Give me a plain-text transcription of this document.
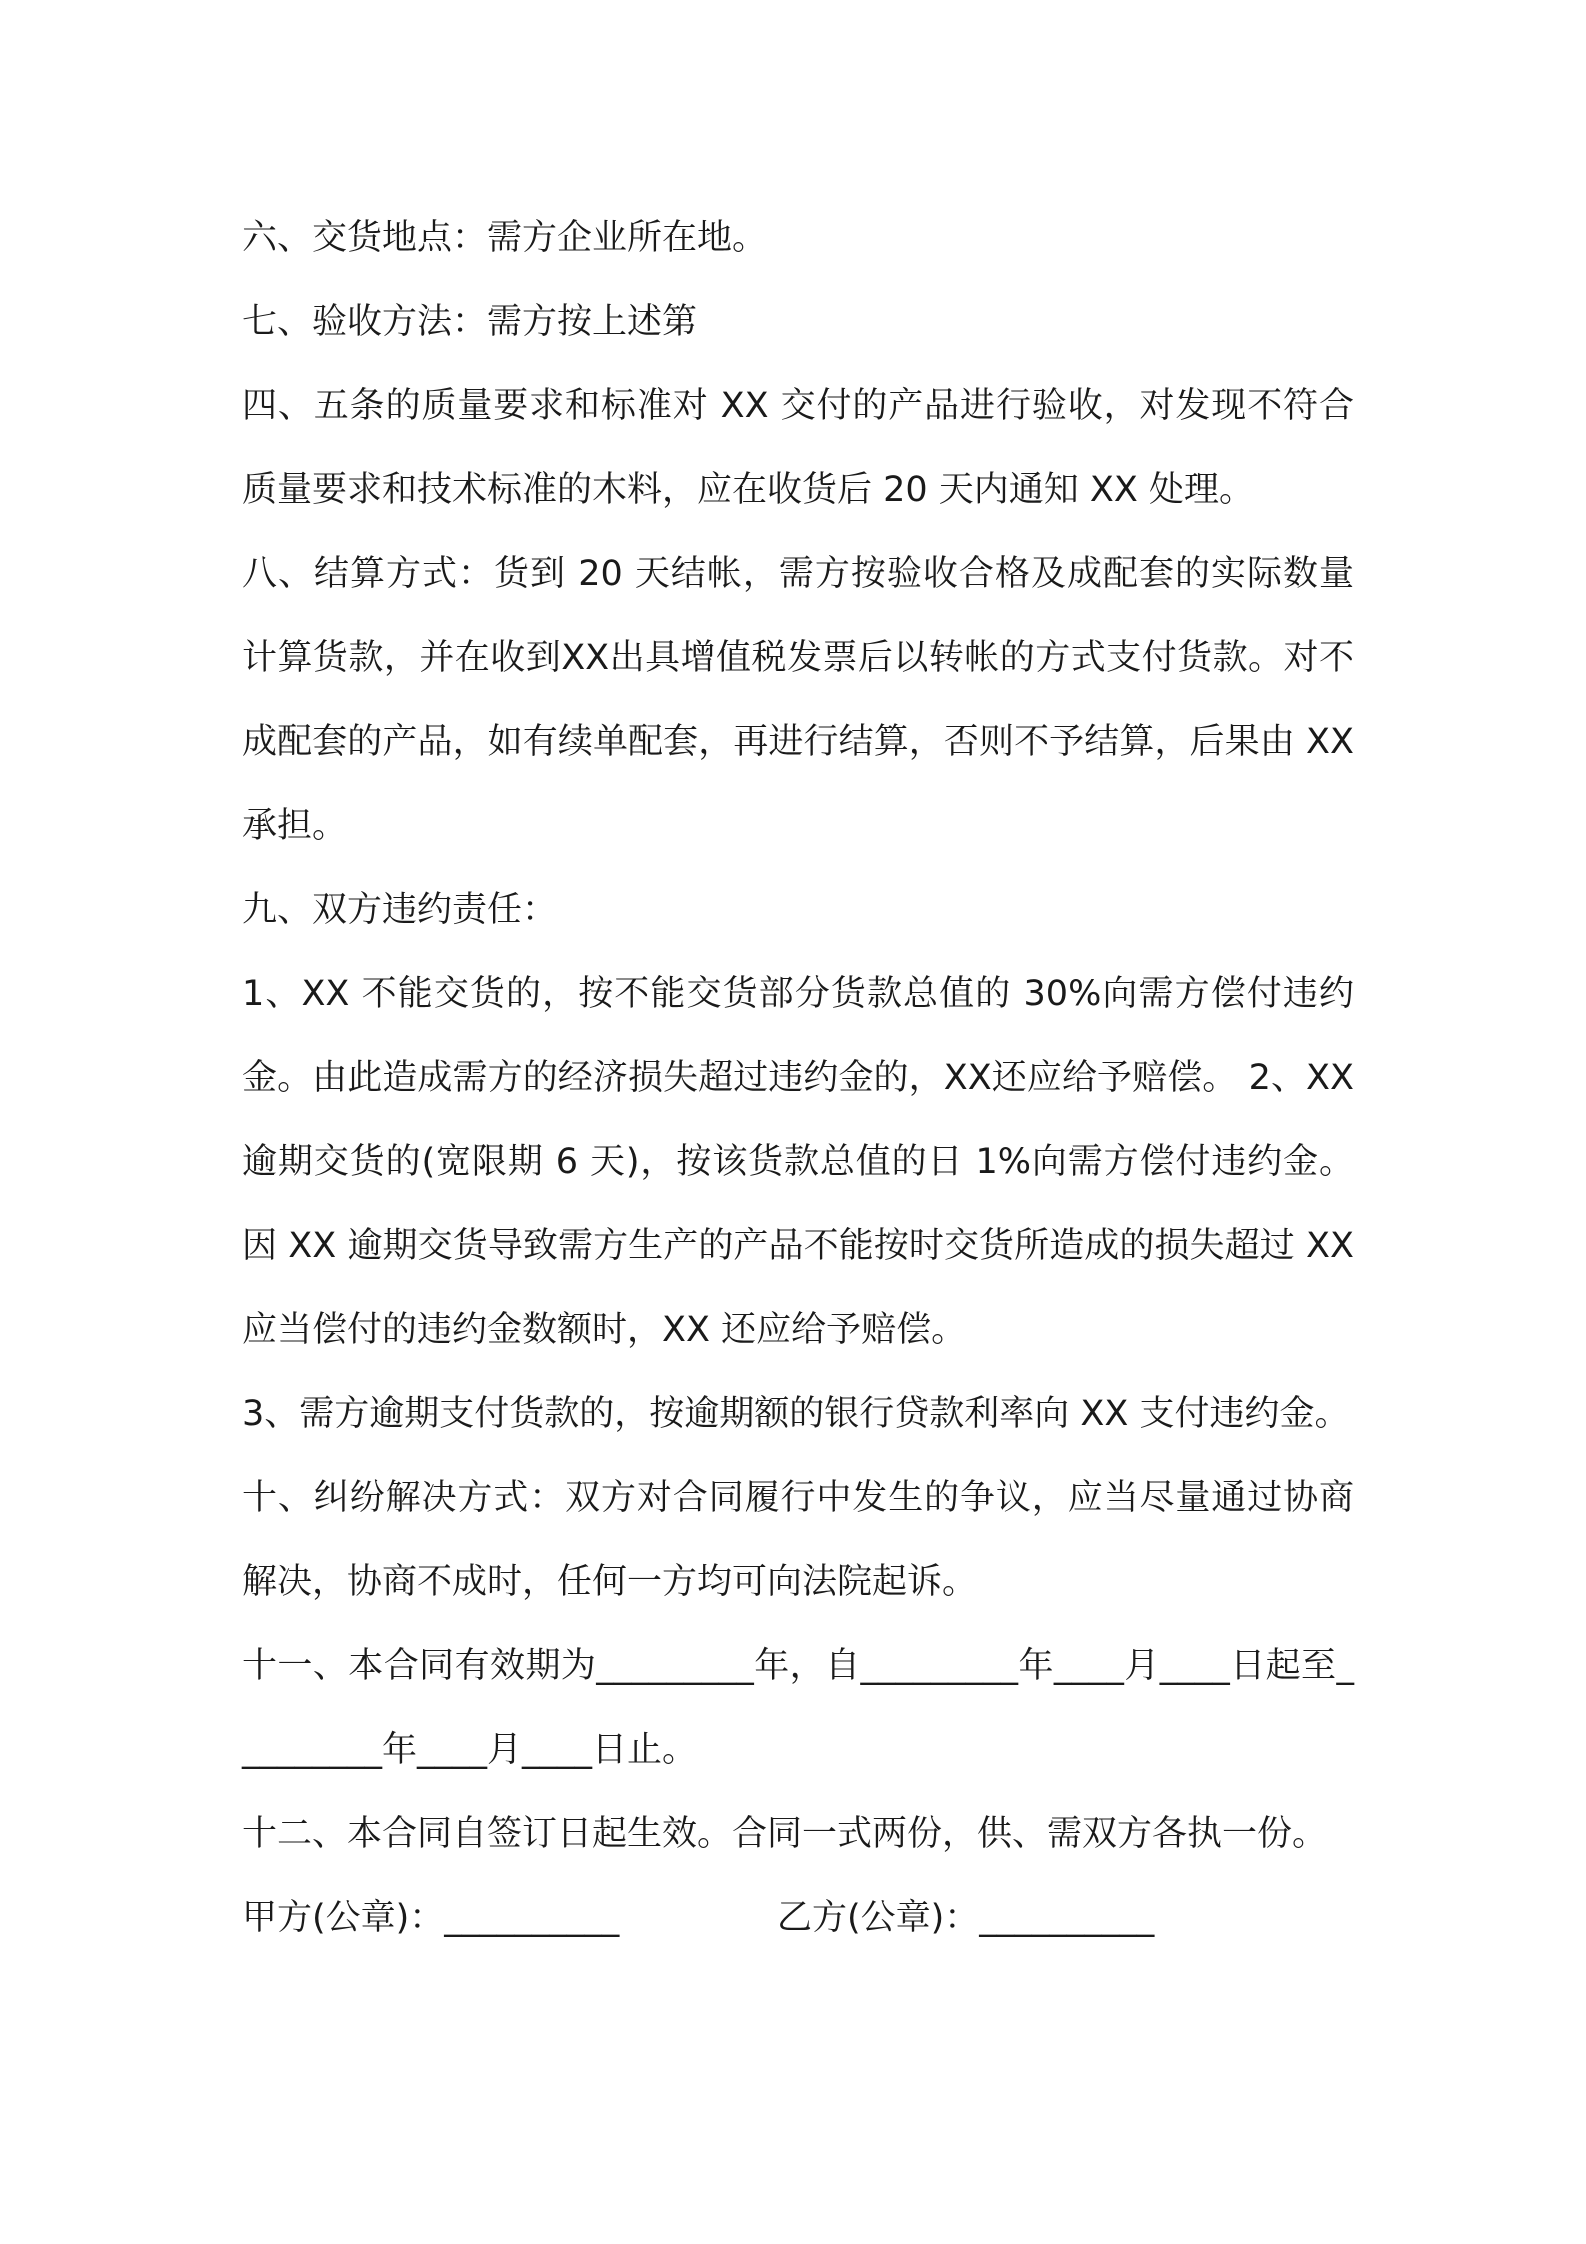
六、交货地点：需方企业所在地。

七、验收方法：需方按上述第

四、五条的质量要求和标准对 XX 交付的产品进行验收，对发现不符合质量要求和技术标准的木料，应在收货后 20 天内通知 XX 处理。

八、结算方式：货到 20 天结帐，需方按验收合格及成配套的实际数量计算货款，并在收到XX出具增值税发票后以转帐的方式支付货款。对不成配套的产品，如有续单配套，再进行结算，否则不予结算，后果由 XX 承担。

九、双方违约责任：

1、XX 不能交货的，按不能交货部分货款总值的 30%向需方偿付违约金。由此造成需方的经济损失超过违约金的，XX还应给予赔偿。 2、XX 逾期交货的(宽限期 6 天)，按该货款总值的日 1%向需方偿付违约金。因 XX 逾期交货导致需方生产的产品不能按时交货所造成的损失超过 XX 应当偿付的违约金数额时，XX 还应给予赔偿。

3、需方逾期支付货款的，按逾期额的银行贷款利率向 XX 支付违约金。

十、纠纷解决方式：双方对合同履行中发生的争议，应当尽量通过协商解决，协商不成时，任何一方均可向法院起诉。

十一、本合同有效期为_________年，自_________年____月____日起至_________年____月____日止。

十二、本合同自签订日起生效。合同一式两份，供、需双方各执一份。

甲方(公章)：__________	乙方(公章)：__________
